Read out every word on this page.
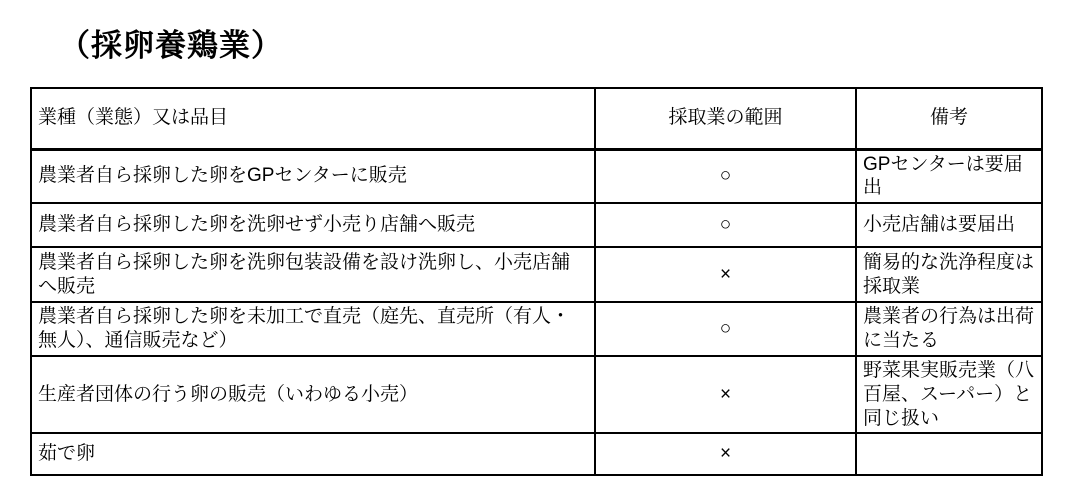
（採卵養鶏業）
業種（業態）又は品目	採取業の範囲	備考
農業者自ら採卵した卵をGPセンターに販売	○	GPセンターは要届出
農業者自ら採卵した卵を洗卵せず小売り店舗へ販売	○	小売店舗は要届出
農業者自ら採卵した卵を洗卵包装設備を設け洗卵し、小売店舗へ販売	×	簡易的な洗浄程度は採取業
農業者自ら採卵した卵を未加工で直売（庭先、直売所（有人・無人）、通信販売など）	○	農業者の行為は出荷に当たる
生産者団体の行う卵の販売（いわゆる小売）	×	野菜果実販売業（八百屋、スーパー）と同じ扱い
茹で卵	×	
